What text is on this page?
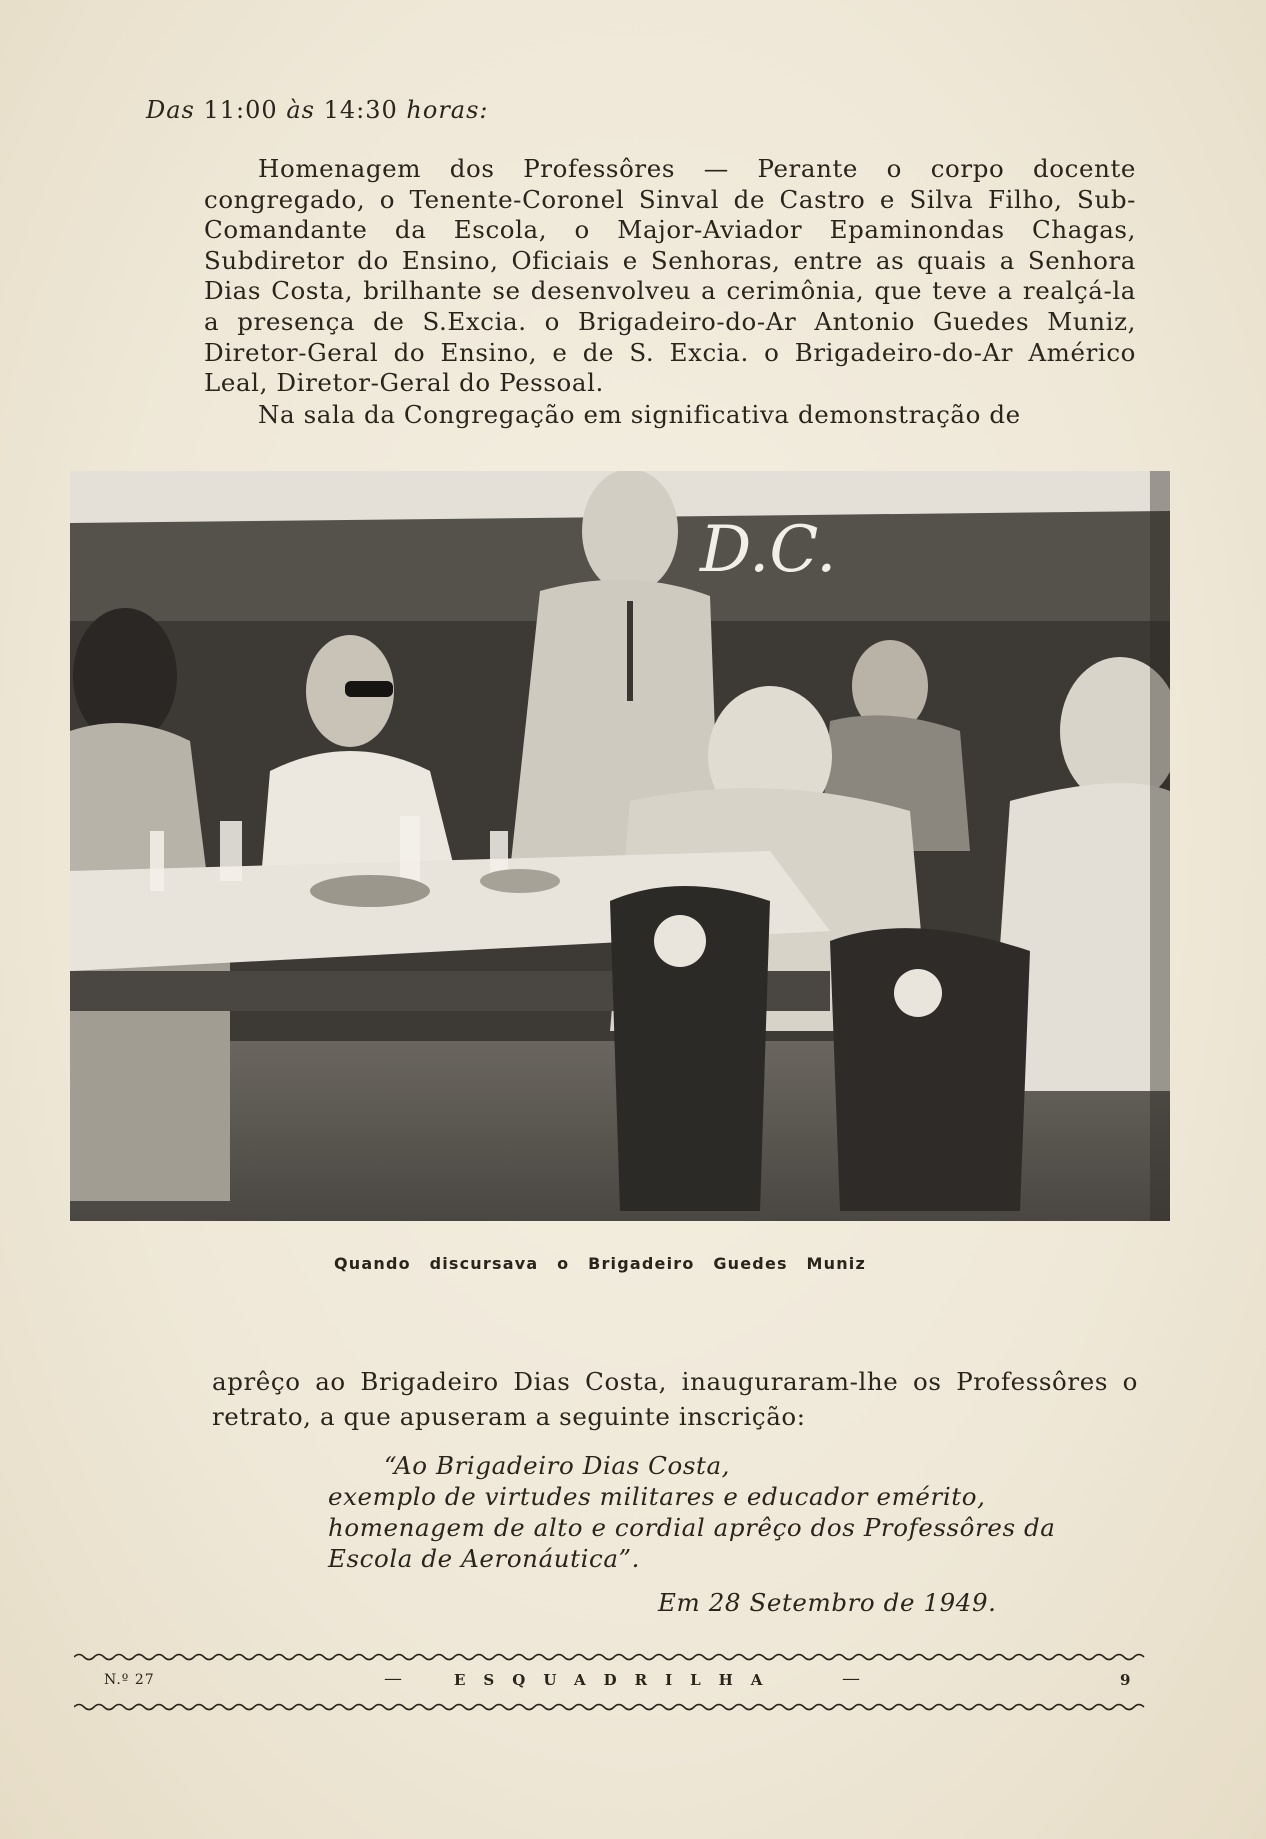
Das 11:00 às 14:30 horas:

Homenagem dos Professôres — Perante o corpo docente congregado, o Tenente-Coronel Sinval de Castro e Silva Filho, Sub-Comandante da Escola, o Major-Aviador Epaminondas Chagas, Subdiretor do Ensino, Oficiais e Senhoras, entre as quais a Senhora Dias Costa, brilhante se desenvolveu a cerimônia, que teve a realçá-la a presença de S.Excia. o Brigadeiro-do-Ar Antonio Guedes Muniz, Diretor-Geral do Ensino, e de S. Excia. o Brigadeiro-do-Ar Américo Leal, Diretor-Geral do Pessoal.

Na sala da Congregação em significativa demonstração de

D.C.
Quando discursava o Brigadeiro Guedes Muniz

aprêço ao Brigadeiro Dias Costa, inauguraram-lhe os Professôres o retrato, a que apuseram a seguinte inscrição:

“Ao Brigadeiro Dias Costa,
exemplo de virtudes militares e educador emérito,
homenagem de alto e cordial aprêço dos Professôres da
Escola de Aeronáutica”.
Em 28 Setembro de 1949.
N.º 27	—	ESQUADRILHA	—	9
